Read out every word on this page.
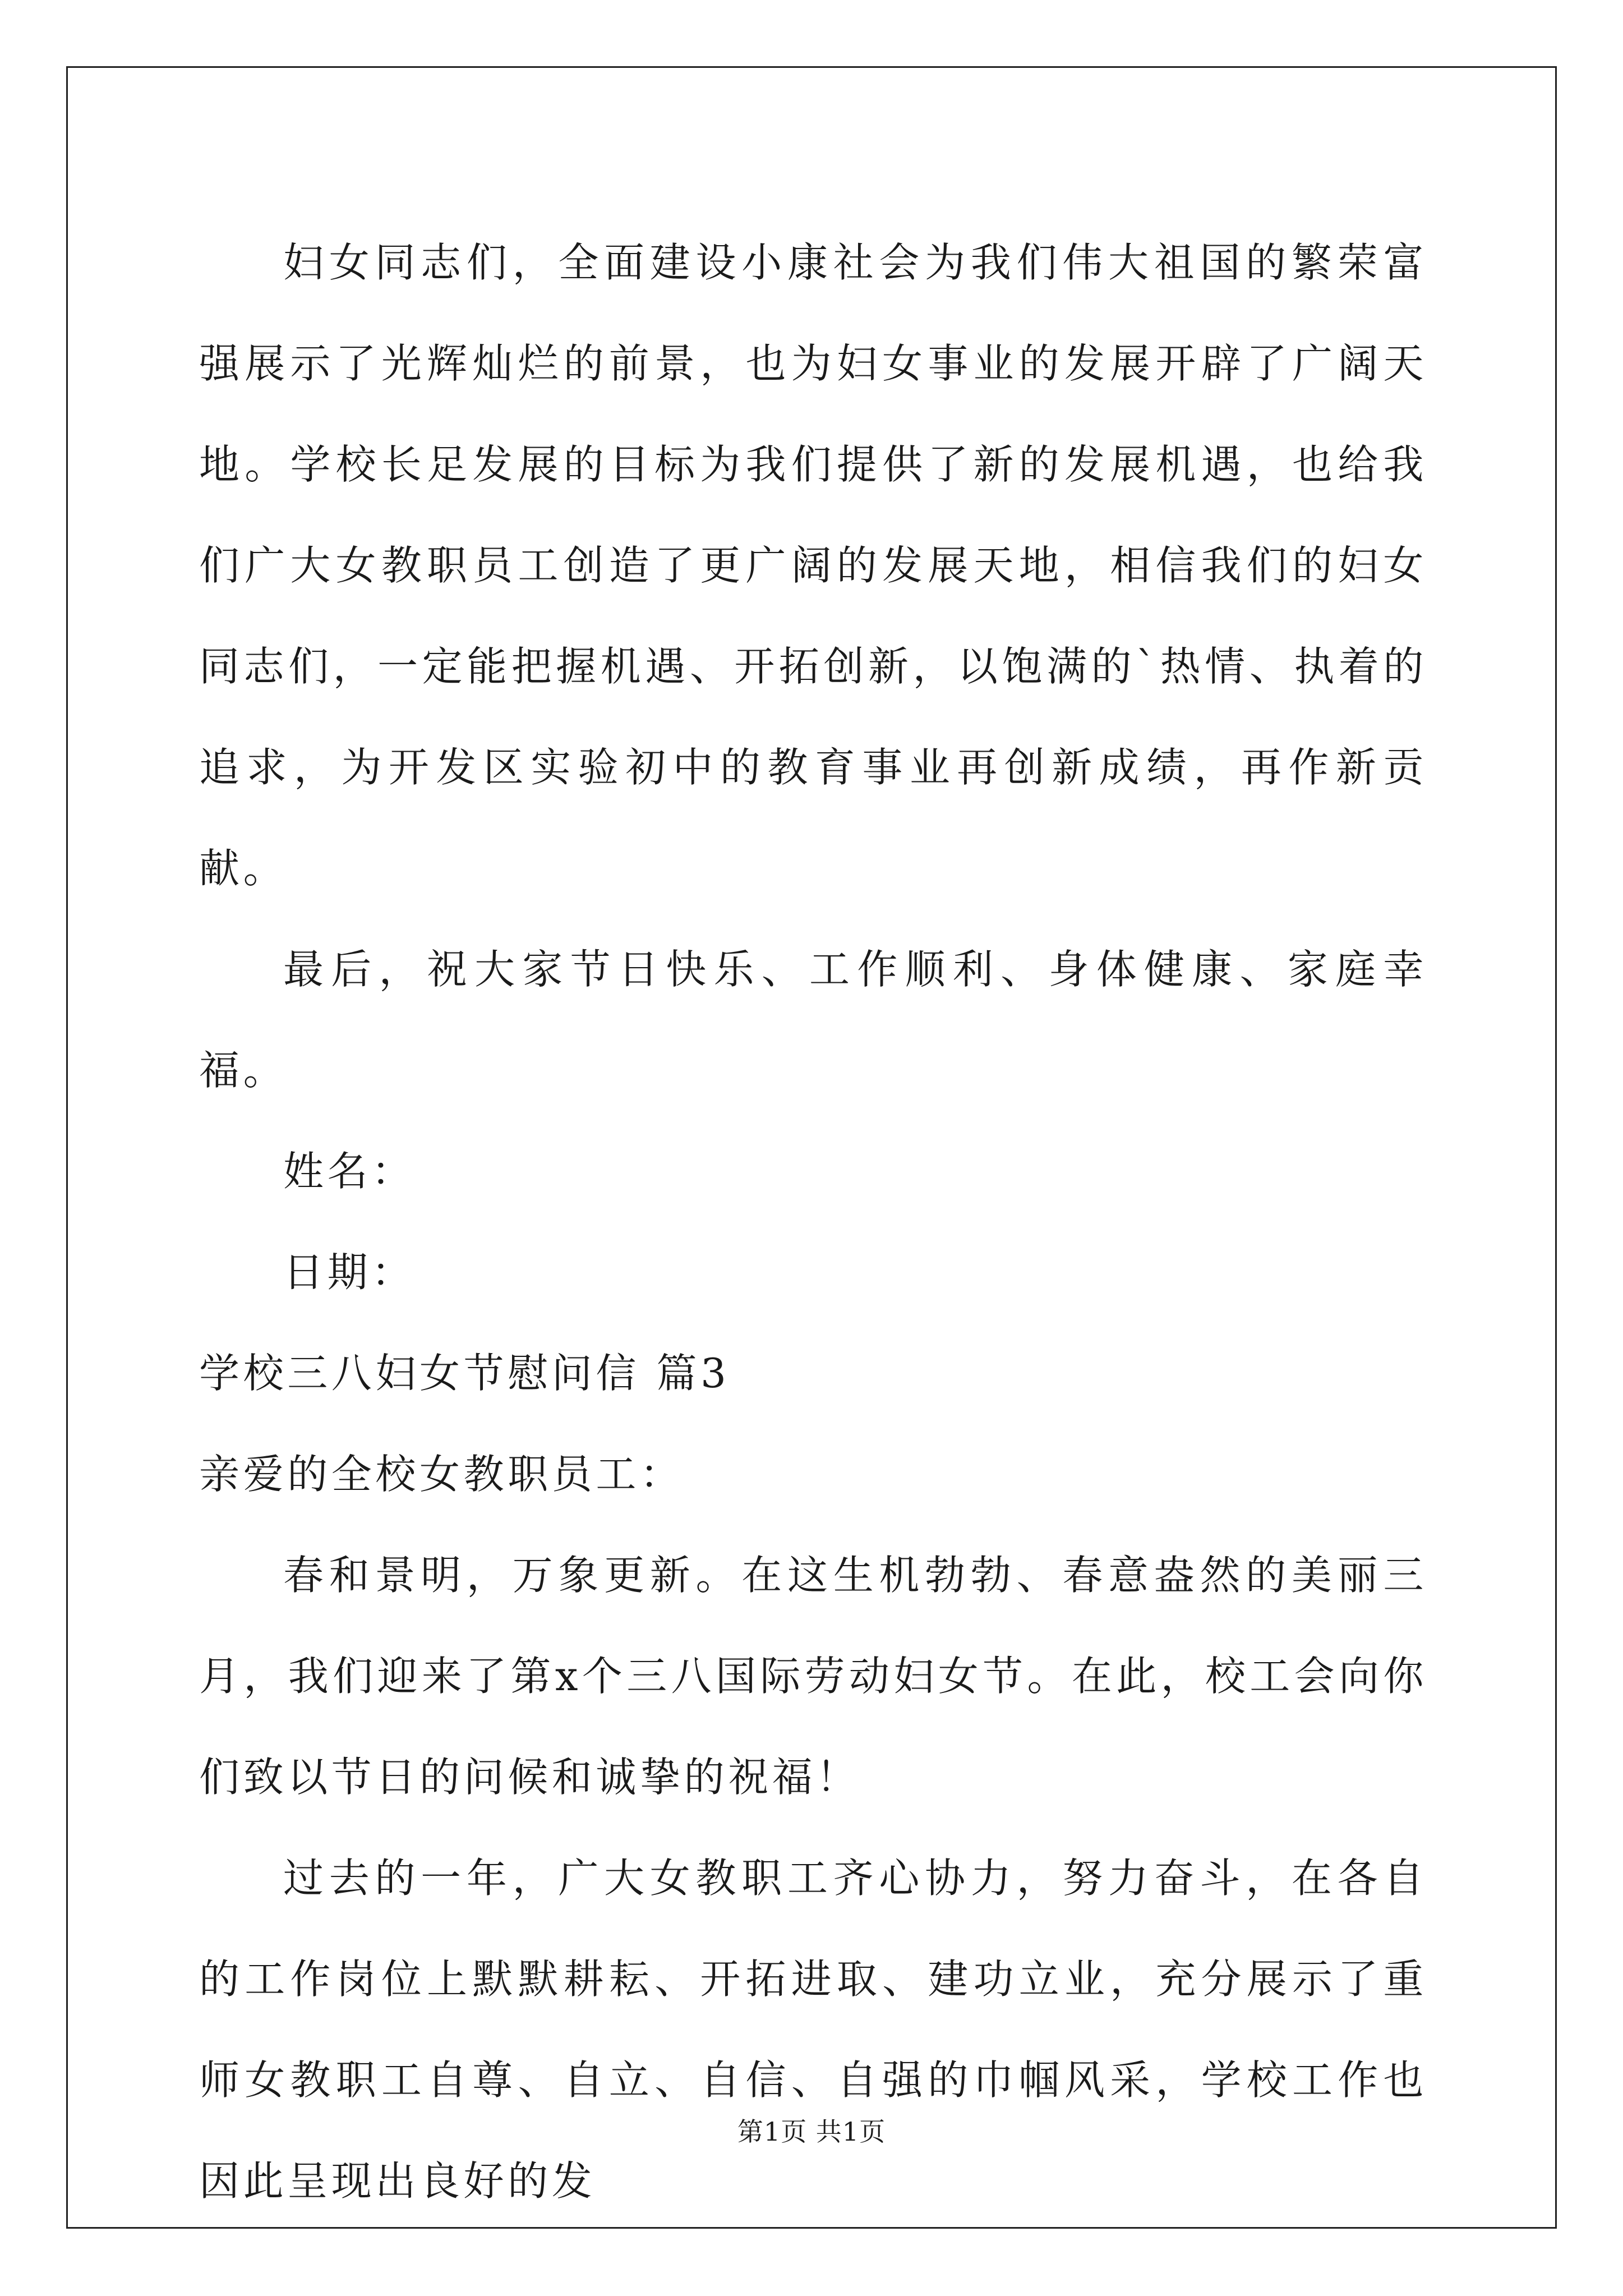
妇女同志们，全面建设小康社会为我们伟大祖国的繁荣富强展示了光辉灿烂的前景，也为妇女事业的发展开辟了广阔天地。学校长足发展的目标为我们提供了新的发展机遇，也给我们广大女教职员工创造了更广阔的发展天地，相信我们的妇女同志们，一定能把握机遇、开拓创新，以饱满的`热情、执着的追求，为开发区实验初中的教育事业再创新成绩，再作新贡献。

最后，祝大家节日快乐、工作顺利、身体健康、家庭幸福。

姓名：

日期：

学校三八妇女节慰问信 篇3

亲爱的全校女教职员工：

春和景明，万象更新。在这生机勃勃、春意盎然的美丽三月，我们迎来了第x个三八国际劳动妇女节。在此，校工会向你们致以节日的问候和诚挚的祝福！

过去的一年，广大女教职工齐心协力，努力奋斗，在各自的工作岗位上默默耕耘、开拓进取、建功立业，充分展示了重师女教职工自尊、自立、自信、自强的巾帼风采，学校工作也因此呈现出良好的发

第1页 共1页
